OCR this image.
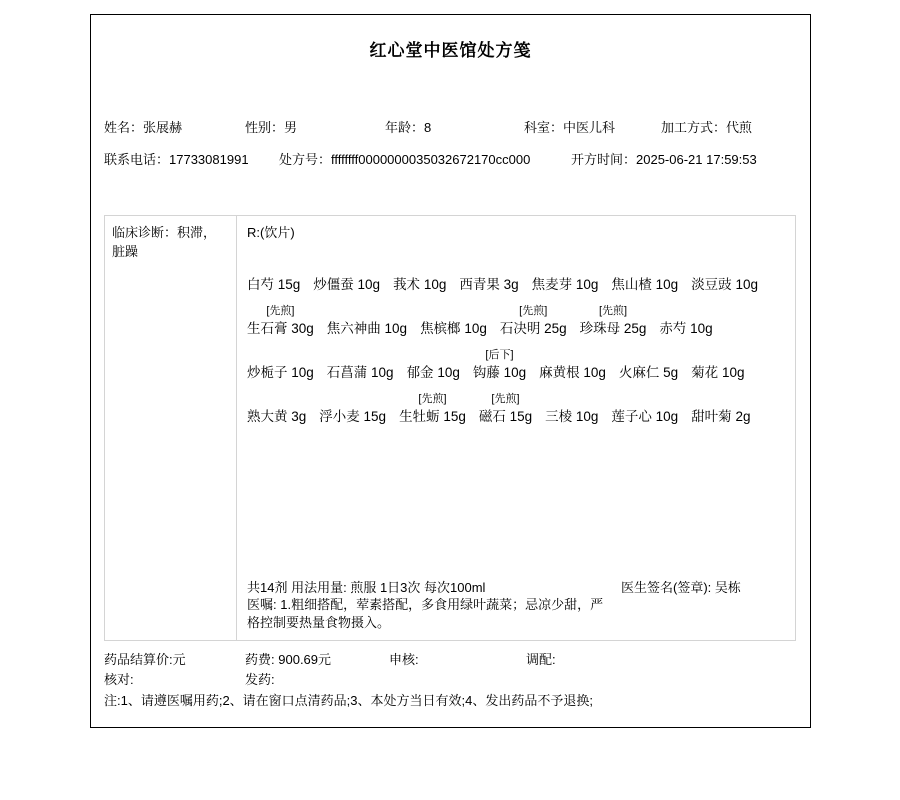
红心堂中医馆处方笺
姓名：张展赫	性别：男	年龄：8	科室：中医儿科	加工方式：代煎
联系电话：17733081991 处方号：ffffffff0000000035032672170cc000	开方时间：2025-06-21 17:59:53
临床诊断：积滞，脏躁
R:(饮片)
白芍 15g 炒僵蚕 10g 莪术 10g 西青果 3g 焦麦芽 10g 焦山楂 10g 淡豆豉 10g
[先煎]
生石膏 30g 焦六神曲 10g 焦槟榔 10g
[先煎]
石决明 25g
[先煎]
珍珠母 25g 赤芍 10g
炒栀子 10g 石菖蒲 10g 郁金 10g
[后下]
钩藤 10g 麻黄根 10g 火麻仁 5g 菊花 10g
熟大黄 3g 浮小麦 15g
[先煎]
生牡蛎 15g
[先煎]
磁石 15g 三棱 10g 莲子心 10g 甜叶菊 2g
共14剂 用法用量: 煎服 1日3次 每次100ml	医生签名(签章): 吴栋
医嘱: 1.粗细搭配，荤素搭配，多食用绿叶蔬菜；忌凉少甜，严格控制要热量食物摄入。
药品结算价:元	药费: 900.69元	申核:	调配:
核对:	发药:
注:1、请遵医嘱用药;2、请在窗口点清药品;3、本处方当日有效;4、发出药品不予退换;
